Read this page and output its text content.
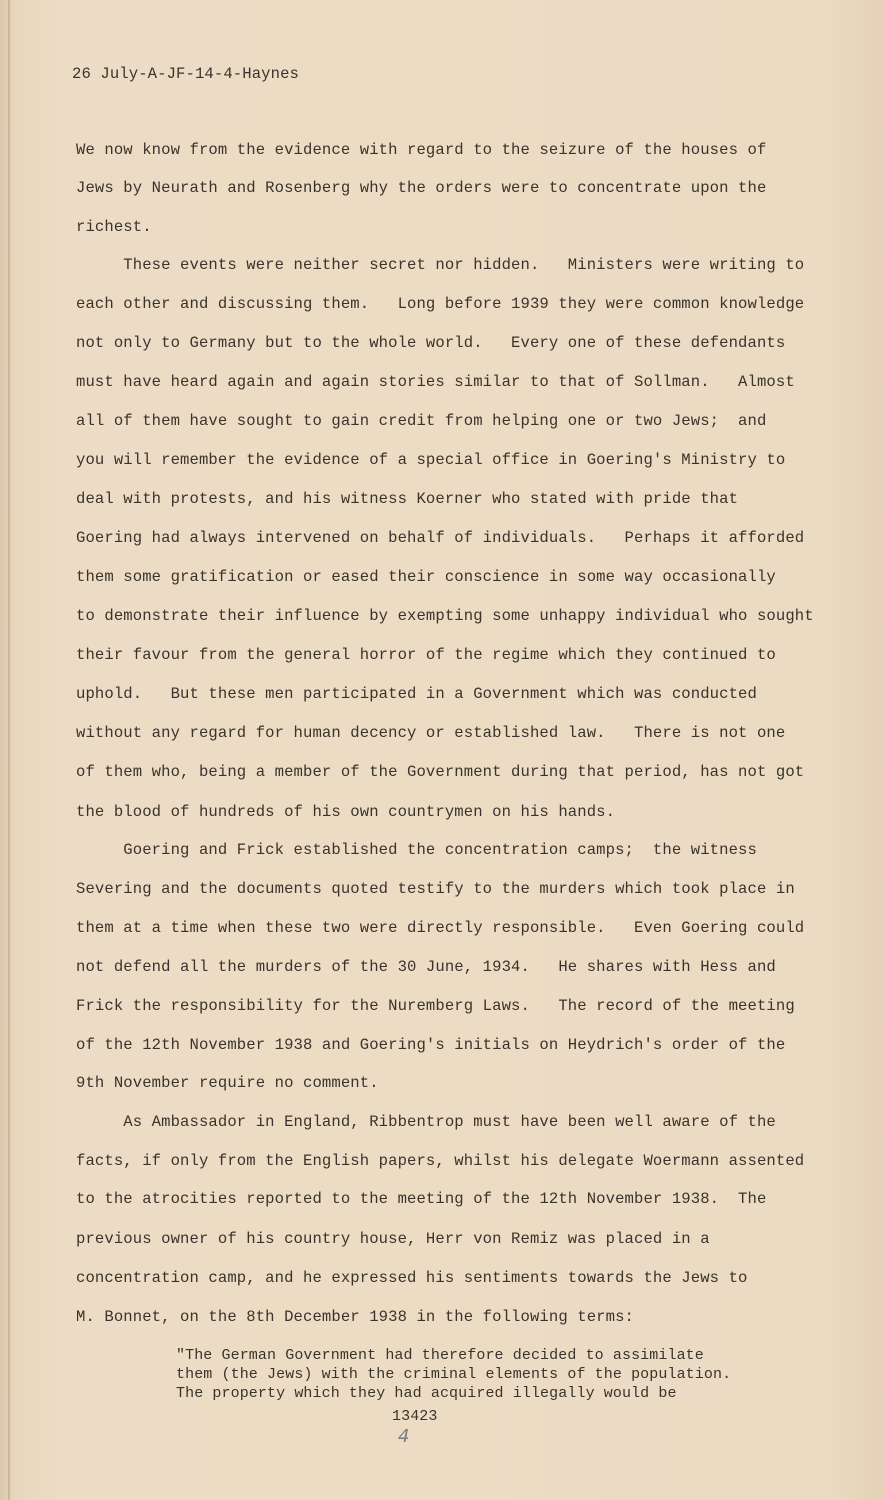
26 July-A-JF-14-4-Haynes
We now know from the evidence with regard to the seizure of the houses of
Jews by Neurath and Rosenberg why the orders were to concentrate upon the
richest.
These events were neither secret nor hidden.   Ministers were writing to
each other and discussing them.   Long before 1939 they were common knowledge
not only to Germany but to the whole world.   Every one of these defendants
must have heard again and again stories similar to that of Sollman.   Almost
all of them have sought to gain credit from helping one or two Jews;  and
you will remember the evidence of a special office in Goering's Ministry to
deal with protests, and his witness Koerner who stated with pride that
Goering had always intervened on behalf of individuals.   Perhaps it afforded
them some gratification or eased their conscience in some way occasionally
to demonstrate their influence by exempting some unhappy individual who sought
their favour from the general horror of the regime which they continued to
uphold.   But these men participated in a Government which was conducted
without any regard for human decency or established law.   There is not one
of them who, being a member of the Government during that period, has not got
the blood of hundreds of his own countrymen on his hands.
Goering and Frick established the concentration camps;  the witness
Severing and the documents quoted testify to the murders which took place in
them at a time when these two were directly responsible.   Even Goering could
not defend all the murders of the 30 June, 1934.   He shares with Hess and
Frick the responsibility for the Nuremberg Laws.   The record of the meeting
of the 12th November 1938 and Goering's initials on Heydrich's order of the
9th November require no comment.
As Ambassador in England, Ribbentrop must have been well aware of the
facts, if only from the English papers, whilst his delegate Woermann assented
to the atrocities reported to the meeting of the 12th November 1938.  The
previous owner of his country house, Herr von Remiz was placed in a
concentration camp, and he expressed his sentiments towards the Jews to
M. Bonnet, on the 8th December 1938 in the following terms:
"The German Government had therefore decided to assimilate
them (the Jews) with the criminal elements of the population.
The property which they had acquired illegally would be
13423
4
